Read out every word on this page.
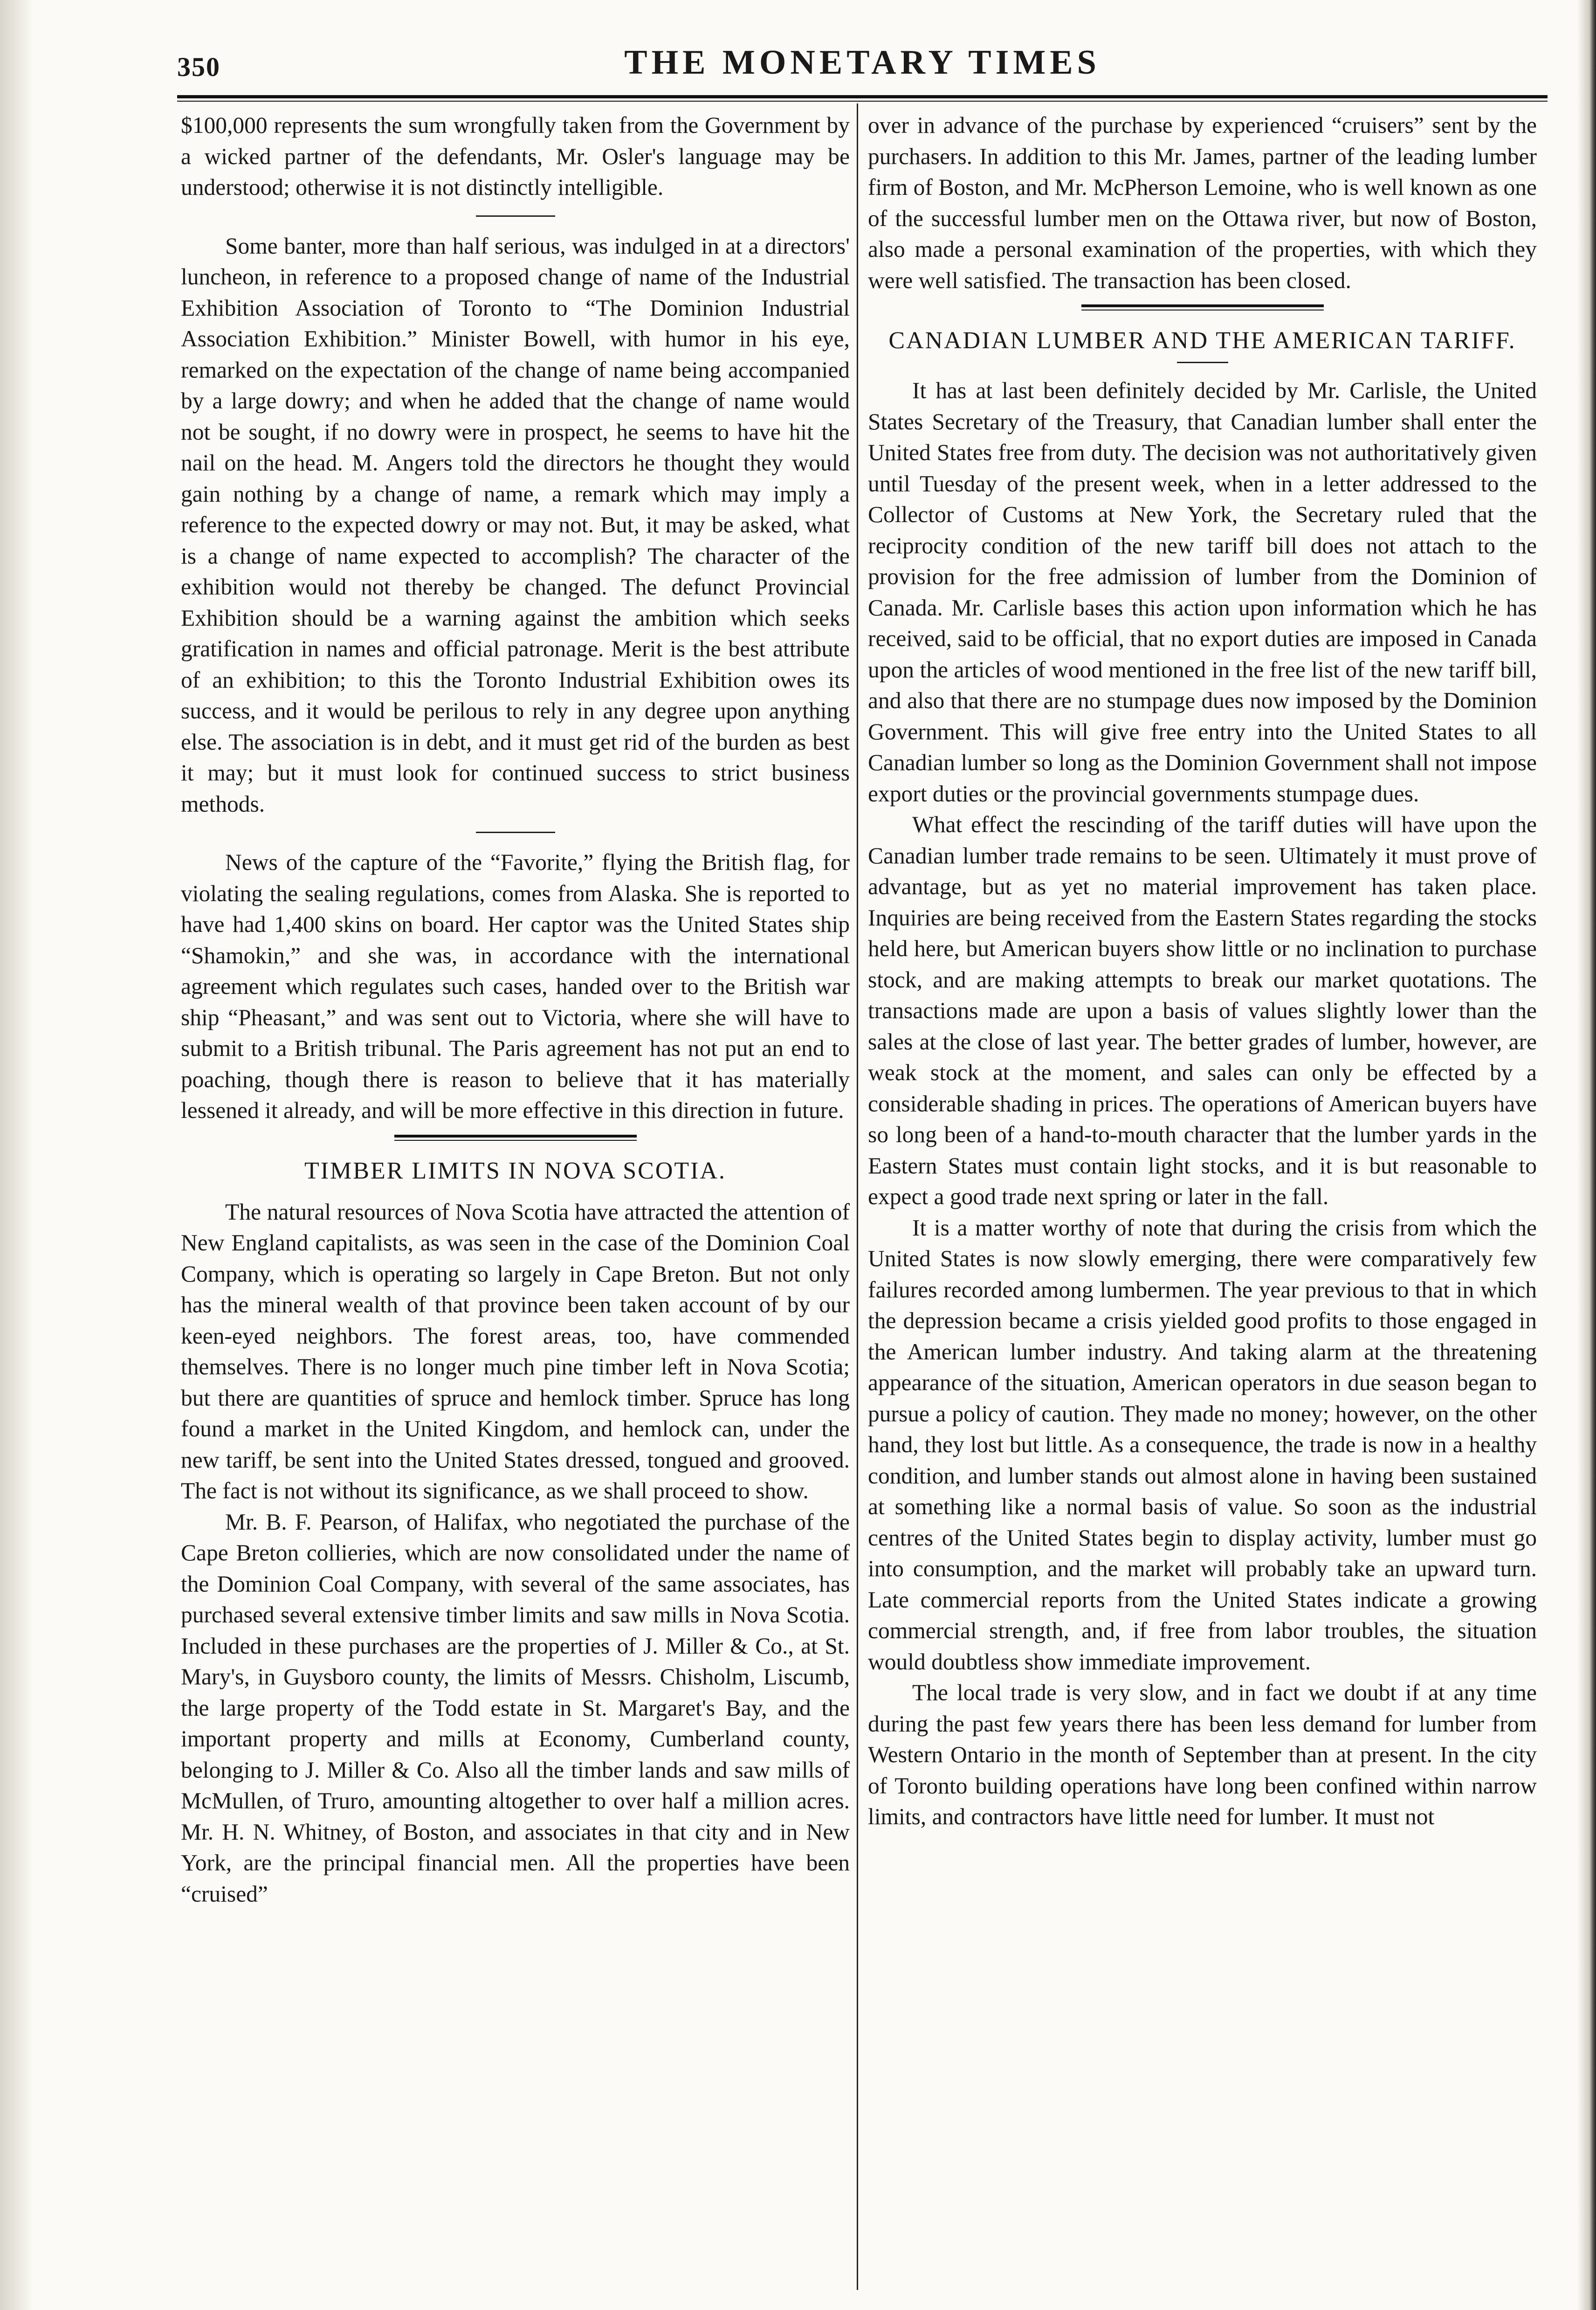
350	THE MONETARY TIMES

$100,000 represents the sum wrongfully taken from the Government by a wicked partner of the defendants, Mr. Osler's language may be understood; otherwise it is not distinctly intelligible.

Some banter, more than half serious, was indulged in at a directors' luncheon, in reference to a proposed change of name of the Industrial Exhibition Association of Toronto to “The Dominion Industrial Association Exhibition.” Minister Bowell, with humor in his eye, remarked on the expectation of the change of name being accompanied by a large dowry; and when he added that the change of name would not be sought, if no dowry were in prospect, he seems to have hit the nail on the head. M. Angers told the directors he thought they would gain nothing by a change of name, a remark which may imply a reference to the expected dowry or may not. But, it may be asked, what is a change of name expected to accomplish? The character of the exhibition would not thereby be changed. The defunct Provincial Exhibition should be a warning against the ambition which seeks gratification in names and official patronage. Merit is the best attribute of an exhibition; to this the Toronto Industrial Exhibition owes its success, and it would be perilous to rely in any degree upon anything else. The association is in debt, and it must get rid of the burden as best it may; but it must look for continued success to strict business methods.

News of the capture of the “Favorite,” flying the British flag, for violating the sealing regulations, comes from Alaska. She is reported to have had 1,400 skins on board. Her captor was the United States ship “Shamokin,” and she was, in accordance with the international agreement which regulates such cases, handed over to the British war ship “Pheasant,” and was sent out to Victoria, where she will have to submit to a British tribunal. The Paris agreement has not put an end to poaching, though there is reason to believe that it has materially lessened it already, and will be more effective in this direction in future.

TIMBER LIMITS IN NOVA SCOTIA.

The natural resources of Nova Scotia have attracted the attention of New England capitalists, as was seen in the case of the Dominion Coal Company, which is operating so largely in Cape Breton. But not only has the mineral wealth of that province been taken account of by our keen-eyed neighbors. The forest areas, too, have commended themselves. There is no longer much pine timber left in Nova Scotia; but there are quantities of spruce and hemlock timber. Spruce has long found a market in the United Kingdom, and hemlock can, under the new tariff, be sent into the United States dressed, tongued and grooved. The fact is not without its significance, as we shall proceed to show.

Mr. B. F. Pearson, of Halifax, who negotiated the purchase of the Cape Breton collieries, which are now consolidated under the name of the Dominion Coal Company, with several of the same associates, has purchased several extensive timber limits and saw mills in Nova Scotia. Included in these purchases are the properties of J. Miller & Co., at St. Mary's, in Guysboro county, the limits of Messrs. Chisholm, Liscumb, the large property of the Todd estate in St. Margaret's Bay, and the important property and mills at Economy, Cumberland county, belonging to J. Miller & Co. Also all the timber lands and saw mills of McMullen, of Truro, amounting altogether to over half a million acres. Mr. H. N. Whitney, of Boston, and associates in that city and in New York, are the principal financial men. All the properties have been “cruised”

over in advance of the purchase by experienced “cruisers” sent by the purchasers. In addition to this Mr. James, partner of the leading lumber firm of Boston, and Mr. McPherson Lemoine, who is well known as one of the successful lumber men on the Ottawa river, but now of Boston, also made a personal examination of the properties, with which they were well satisfied. The transaction has been closed.

CANADIAN LUMBER AND THE AMERICAN TARIFF.

It has at last been definitely decided by Mr. Carlisle, the United States Secretary of the Treasury, that Canadian lumber shall enter the United States free from duty. The decision was not authoritatively given until Tuesday of the present week, when in a letter addressed to the Collector of Customs at New York, the Secretary ruled that the reciprocity condition of the new tariff bill does not attach to the provision for the free admission of lumber from the Dominion of Canada. Mr. Carlisle bases this action upon information which he has received, said to be official, that no export duties are imposed in Canada upon the articles of wood mentioned in the free list of the new tariff bill, and also that there are no stumpage dues now imposed by the Dominion Government. This will give free entry into the United States to all Canadian lumber so long as the Dominion Government shall not impose export duties or the provincial governments stumpage dues.

What effect the rescinding of the tariff duties will have upon the Canadian lumber trade remains to be seen. Ultimately it must prove of advantage, but as yet no material improvement has taken place. Inquiries are being received from the Eastern States regarding the stocks held here, but American buyers show little or no inclination to purchase stock, and are making attempts to break our market quotations. The transactions made are upon a basis of values slightly lower than the sales at the close of last year. The better grades of lumber, however, are weak stock at the moment, and sales can only be effected by a considerable shading in prices. The operations of American buyers have so long been of a hand-to-mouth character that the lumber yards in the Eastern States must contain light stocks, and it is but reasonable to expect a good trade next spring or later in the fall.

It is a matter worthy of note that during the crisis from which the United States is now slowly emerging, there were comparatively few failures recorded among lumbermen. The year previous to that in which the depression became a crisis yielded good profits to those engaged in the American lumber industry. And taking alarm at the threatening appearance of the situation, American operators in due season began to pursue a policy of caution. They made no money; however, on the other hand, they lost but little. As a consequence, the trade is now in a healthy condition, and lumber stands out almost alone in having been sustained at something like a normal basis of value. So soon as the industrial centres of the United States begin to display activity, lumber must go into consumption, and the market will probably take an upward turn. Late commercial reports from the United States indicate a growing commercial strength, and, if free from labor troubles, the situation would doubtless show immediate improvement.

The local trade is very slow, and in fact we doubt if at any time during the past few years there has been less demand for lumber from Western Ontario in the month of September than at present. In the city of Toronto building operations have long been confined within narrow limits, and contractors have little need for lumber. It must not
